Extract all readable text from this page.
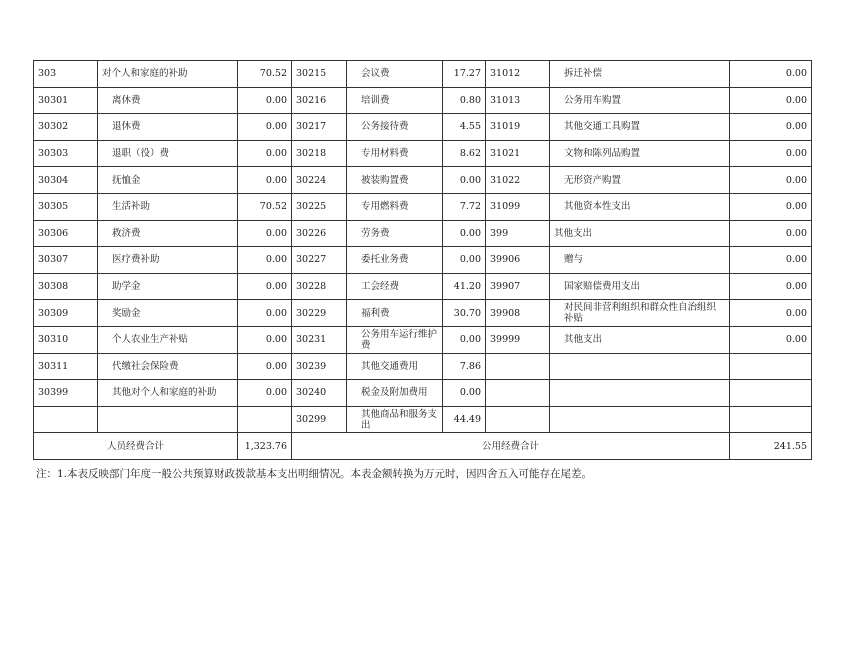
303	对个人和家庭的补助	70.52	30215	会议费	17.27	31012	拆迁补偿	0.00
30301	离休费	0.00	30216	培训费	0.80	31013	公务用车购置	0.00
30302	退休费	0.00	30217	公务接待费	4.55	31019	其他交通工具购置	0.00
30303	退职（役）费	0.00	30218	专用材料费	8.62	31021	文物和陈列品购置	0.00
30304	抚恤金	0.00	30224	被装购置费	0.00	31022	无形资产购置	0.00
30305	生活补助	70.52	30225	专用燃料费	7.72	31099	其他资本性支出	0.00
30306	救济费	0.00	30226	劳务费	0.00	399	其他支出	0.00
30307	医疗费补助	0.00	30227	委托业务费	0.00	39906	赠与	0.00
30308	助学金	0.00	30228	工会经费	41.20	39907	国家赔偿费用支出	0.00
30309	奖励金	0.00	30229	福利费	30.70	39908	对民间非营利组织和群众性自治组织补贴	0.00
30310	个人农业生产补贴	0.00	30231	公务用车运行维护费	0.00	39999	其他支出	0.00
30311	代缴社会保险费	0.00	30239	其他交通费用	7.86			
30399	其他对个人和家庭的补助	0.00	30240	税金及附加费用	0.00			
			30299	其他商品和服务支出	44.49			
人员经费合计		1,323.76	公用经费合计					241.55
注：1.本表反映部门年度一般公共预算财政拨款基本支出明细情况。本表金额转换为万元时，因四舍五入可能存在尾差。
